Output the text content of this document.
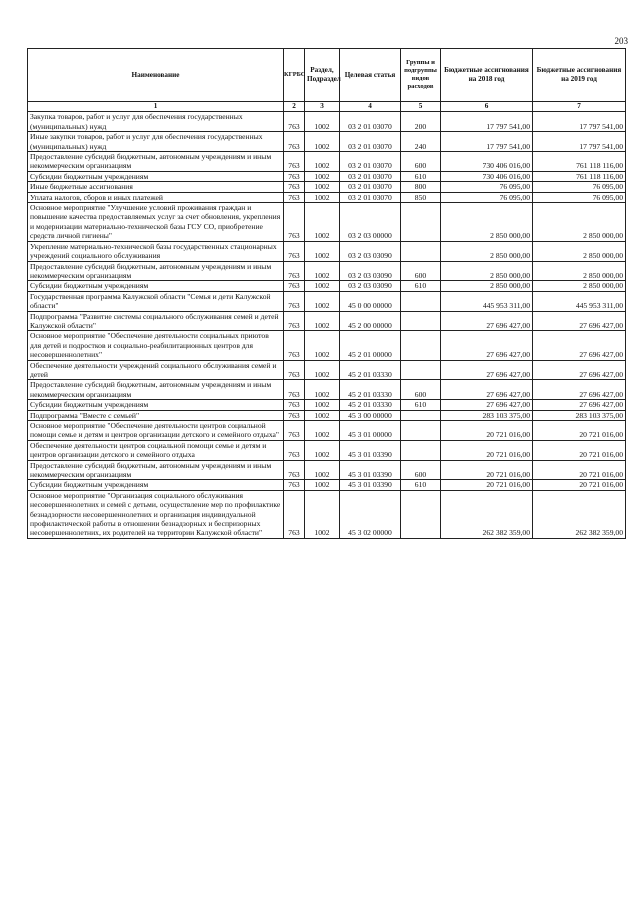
203
Наименование	КГРБС	Раздел, Подраздел	Целевая статья	Группы и подгруппы видов расходов	Бюджетные ассигнования на 2018 год	Бюджетные ассигнования на 2019 год
1	2	3	4	5	6	7
Закупка товаров, работ и услуг для обеспечения государственных (муниципальных) нужд	763	1002	03 2 01 03070	200	17 797 541,00	17 797 541,00
Иные закупки товаров, работ и услуг для обеспечения государственных (муниципальных) нужд	763	1002	03 2 01 03070	240	17 797 541,00	17 797 541,00
Предоставление субсидий бюджетным, автономным учреждениям и иным некоммерческим организациям	763	1002	03 2 01 03070	600	730 406 016,00	761 118 116,00
Субсидии бюджетным учреждениям	763	1002	03 2 01 03070	610	730 406 016,00	761 118 116,00
Иные бюджетные ассигнования	763	1002	03 2 01 03070	800	76 095,00	76 095,00
Уплата налогов, сборов и иных платежей	763	1002	03 2 01 03070	850	76 095,00	76 095,00
Основное мероприятие "Улучшение условий проживания граждан и повышение качества предоставляемых услуг за счет обновления, укрепления и модернизации материально-технической базы ГСУ СО, приобретение средств личной гигиены"	763	1002	03 2 03 00000		2 850 000,00	2 850 000,00
Укрепление материально-технической базы государственных стационарных учреждений социального обслуживания	763	1002	03 2 03 03090		2 850 000,00	2 850 000,00
Предоставление субсидий бюджетным, автономным учреждениям и иным некоммерческим организациям	763	1002	03 2 03 03090	600	2 850 000,00	2 850 000,00
Субсидии бюджетным учреждениям	763	1002	03 2 03 03090	610	2 850 000,00	2 850 000,00
Государственная программа Калужской области "Семья и дети Калужской области"	763	1002	45 0 00 00000		445 953 311,00	445 953 311,00
Подпрограмма "Развитие системы социального обслуживания семей и детей Калужской области"	763	1002	45 2 00 00000		27 696 427,00	27 696 427,00
Основное мероприятие "Обеспечение деятельности социальных приютов для детей и подростков и социально-реабилитационных центров для несовершеннолетних"	763	1002	45 2 01 00000		27 696 427,00	27 696 427,00
Обеспечение деятельности учреждений социального обслуживания семей и детей	763	1002	45 2 01 03330		27 696 427,00	27 696 427,00
Предоставление субсидий бюджетным, автономным учреждениям и иным некоммерческим организациям	763	1002	45 2 01 03330	600	27 696 427,00	27 696 427,00
Субсидии бюджетным учреждениям	763	1002	45 2 01 03330	610	27 696 427,00	27 696 427,00
Подпрограмма "Вместе с семьей"	763	1002	45 3 00 00000		283 103 375,00	283 103 375,00
Основное мероприятие "Обеспечение деятельности центров социальной помощи семье и детям и центров организации детского и семейного отдыха"	763	1002	45 3 01 00000		20 721 016,00	20 721 016,00
Обеспечение деятельности центров социальной помощи семье и детям и центров организации детского и семейного отдыха	763	1002	45 3 01 03390		20 721 016,00	20 721 016,00
Предоставление субсидий бюджетным, автономным учреждениям и иным некоммерческим организациям	763	1002	45 3 01 03390	600	20 721 016,00	20 721 016,00
Субсидии бюджетным учреждениям	763	1002	45 3 01 03390	610	20 721 016,00	20 721 016,00
Основное мероприятие "Организация социального обслуживания несовершеннолетних и семей с детьми, осуществление мер по профилактике безнадзорности несовершеннолетних и организация индивидуальной профилактической работы в отношении безнадзорных и беспризорных несовершеннолетних, их родителей на территории Калужской области"	763	1002	45 3 02 00000		262 382 359,00	262 382 359,00
